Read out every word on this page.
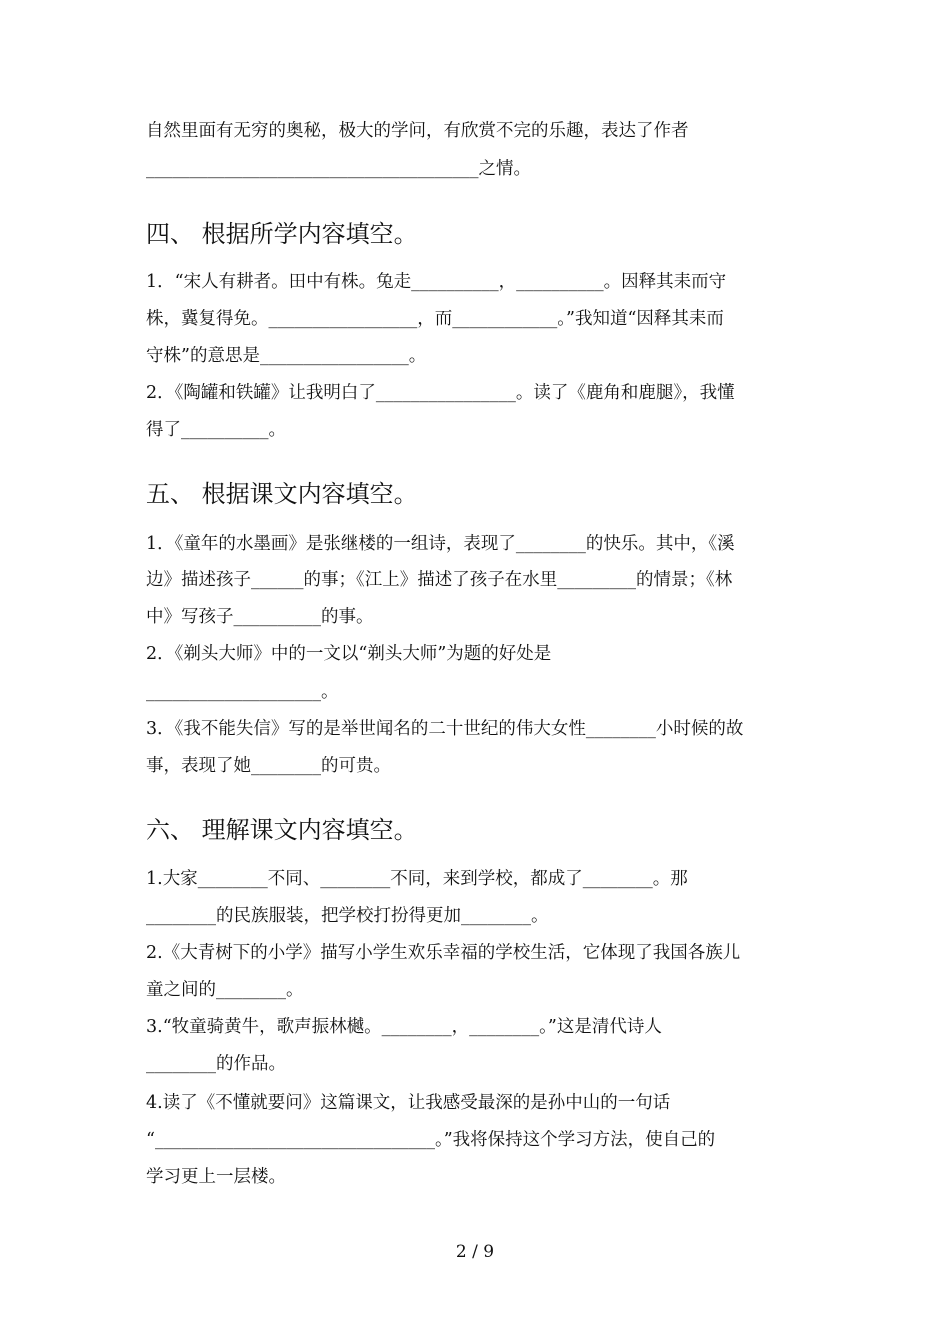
自然里面有无穷的奥秘，极大的学问，有欣赏不完的乐趣，表达了作者
______________________________________之情。
四、 根据所学内容填空。
1．“宋人有耕者。田中有株。兔走__________，__________。因释其耒而守
株，冀复得免。_________________，而____________。”我知道“因释其耒而
守株”的意思是_________________。
2．《陶罐和铁罐》让我明白了________________。读了《鹿角和鹿腿》，我懂
得了__________。
五、 根据课文内容填空。
1．《童年的水墨画》是张继楼的一组诗，表现了________的快乐。其中，《溪
边》描述孩子______的事；《江上》描述了孩子在水里_________的情景；《林
中》写孩子__________的事。
2．《剃头大师》中的一文以“剃头大师”为题的好处是
____________________。
3．《我不能失信》写的是举世闻名的二十世纪的伟大女性________小时候的故
事，表现了她________的可贵。
六、 理解课文内容填空。
1.大家________不同、________不同，来到学校，都成了________。那
________的民族服装，把学校打扮得更加________。
2.《大青树下的小学》描写小学生欢乐幸福的学校生活，它体现了我国各族儿
童之间的________。
3.“牧童骑黄牛，歌声振林樾。________，________。”这是清代诗人
________的作品。
4.读了《不懂就要问》这篇课文，让我感受最深的是孙中山的一句话
“________________________________。”我将保持这个学习方法，使自己的
学习更上一层楼。
2 / 9
